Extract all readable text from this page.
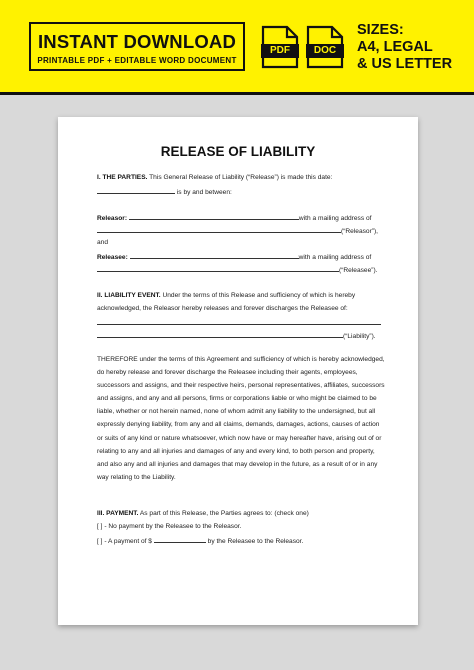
INSTANT DOWNLOAD
PRINTABLE PDF + EDITABLE WORD DOCUMENT
PDF	DOC
SIZES:
A4, LEGAL
& US LETTER
RELEASE OF LIABILITY
I. THE PARTIES. This General Release of Liability (“Release”) is made this date:
is by and between:
Releasor:	with a mailing address of
(“Releasor”),
and
Releasee:	with a mailing address of
(“Releasee”).
II. LIABILITY EVENT. Under the terms of this Release and sufficiency of which is hereby
acknowledged, the Releasor hereby releases and forever discharges the Releasee of:
(“Liability”).
THEREFORE under the terms of this Agreement and sufficiency of which is hereby acknowledged, do hereby release and forever discharge the Releasee including their agents, employees, successors and assigns, and their respective heirs, personal representatives, affiliates, successors and assigns, and any and all persons, firms or corporations liable or who might be claimed to be liable, whether or not herein named, none of whom admit any liability to the undersigned, but all expressly denying liability, from any and all claims, demands, damages, actions, causes of action or suits of any kind or nature whatsoever, which now have or may hereafter have, arising out of or relating to any and all injuries and damages of any and every kind, to both person and property, and also any and all injuries and damages that may develop in the future, as a result of or in any way relating to the Liability.
III. PAYMENT. As part of this Release, the Parties agrees to: (check one)
[ ] - No payment by the Releasee to the Releasor.
[ ] - A payment of $	by the Releasee to the Releasor.
